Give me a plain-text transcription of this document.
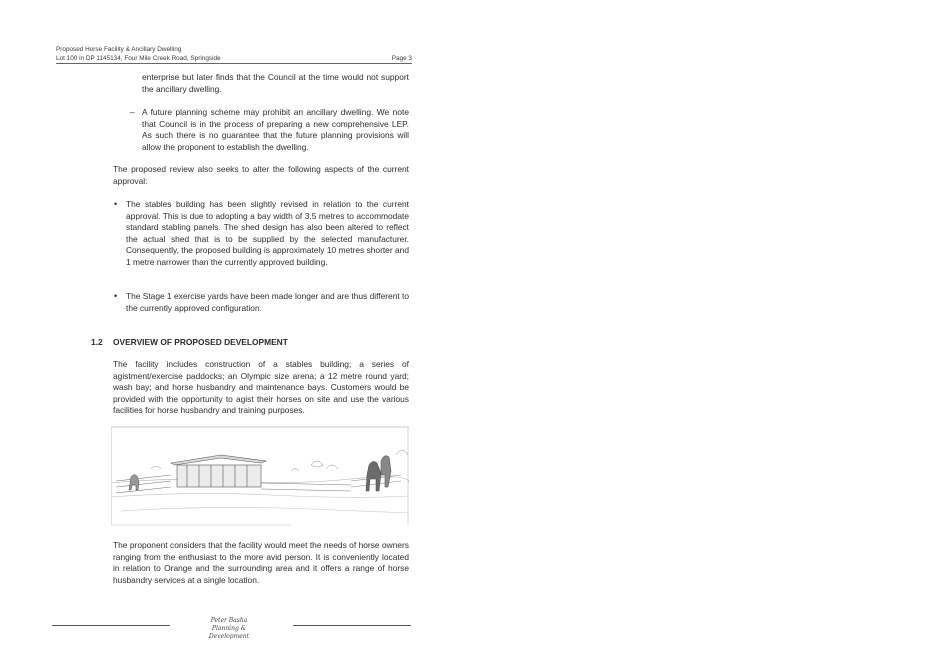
Proposed Horse Facility & Ancillary Dwelling
Lot 100 in DP 1145134, Four Mile Creek Road, Springside	Page 3
enterprise but later finds that the Council at the time would not support the ancillary dwelling.
– A future planning scheme may prohibit an ancillary dwelling. We note that Council is in the process of preparing a new comprehensive LEP. As such there is no guarantee that the future planning provisions will allow the proponent to establish the dwelling.
The proposed review also seeks to alter the following aspects of the current approval:
• The stables building has been slightly revised in relation to the current approval. This is due to adopting a bay width of 3.5 metres to accommodate standard stabling panels. The shed design has also been altered to reflect the actual shed that is to be supplied by the selected manufacturer. Consequently, the proposed building is approximately 10 metres shorter and 1 metre narrower than the currently approved building.
• The Stage 1 exercise yards have been made longer and are thus different to the currently approved configuration.
1.2 OVERVIEW OF PROPOSED DEVELOPMENT
The facility includes construction of a stables building; a series of agistment/exercise paddocks; an Olympic size arena; a 12 metre round yard; wash bay; and horse husbandry and maintenance bays. Customers would be provided with the opportunity to agist their horses on site and use the various facilities for horse husbandry and training purposes.
The proponent considers that the facility would meet the needs of horse owners ranging from the enthusiast to the more avid person. It is conveniently located in relation to Orange and the surrounding area and it offers a range of horse husbandry services at a single location.
Peter Basha
Planning & Development
